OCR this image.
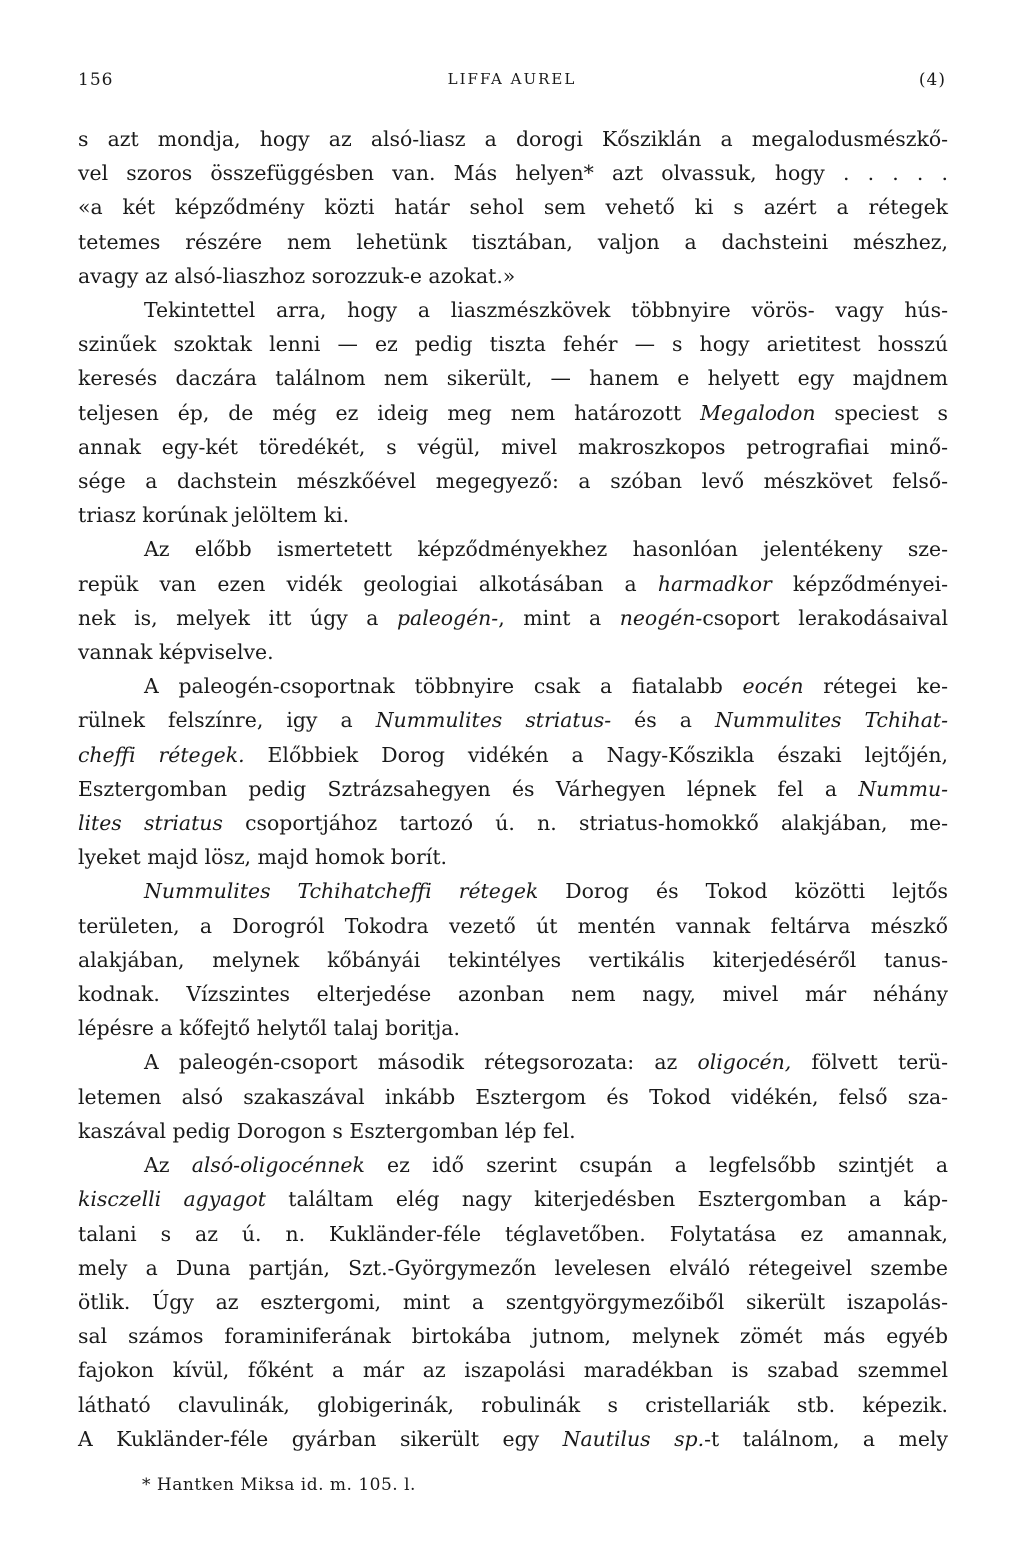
156	LIFFA AUREL	(4)
s azt mondja, hogy az alsó-liasz a dorogi Kősziklán a megalodusmészkő-
vel szoros összefüggésben van. Más helyen* azt olvassuk, hogy . . . . .
«a két képződmény közti határ sehol sem vehető ki s azért a rétegek
tetemes részére nem lehetünk tisztában, valjon a dachsteini mészhez,
avagy az alsó-liaszhoz sorozzuk-e azokat.»
Tekintettel arra, hogy a liaszmészkövek többnyire vörös- vagy hús-
szinűek szoktak lenni — ez pedig tiszta fehér — s hogy arietitest hosszú
keresés daczára találnom nem sikerült, — hanem e helyett egy majdnem
teljesen ép, de még ez ideig meg nem határozott Megalodon speciest s
annak egy-két töredékét, s végül, mivel makroszkopos petrografiai minő-
sége a dachstein mészkőével megegyező: a szóban levő mészkövet felső-
triasz korúnak jelöltem ki.
Az előbb ismertetett képződményekhez hasonlóan jelentékeny sze-
repük van ezen vidék geologiai alkotásában a harmadkor képződményei-
nek is, melyek itt úgy a paleogén-, mint a neogén-csoport lerakodásaival
vannak képviselve.
A paleogén-csoportnak többnyire csak a fiatalabb eocén rétegei ke-
rülnek felszínre, igy a Nummulites striatus- és a Nummulites Tchihat-
cheffi rétegek. Előbbiek Dorog vidékén a Nagy-Kőszikla északi lejtőjén,
Esztergomban pedig Sztrázsahegyen és Várhegyen lépnek fel a Nummu-
lites striatus csoportjához tartozó ú. n. striatus-homokkő alakjában, me-
lyeket majd lösz, majd homok borít.
Nummulites Tchihatcheffi rétegek Dorog és Tokod közötti lejtős
területen, a Dorogról Tokodra vezető út mentén vannak feltárva mészkő
alakjában, melynek kőbányái tekintélyes vertikális kiterjedéséről tanus-
kodnak. Vízszintes elterjedése azonban nem nagy, mivel már néhány
lépésre a kőfejtő helytől talaj boritja.
A paleogén-csoport második rétegsorozata: az oligocén, fölvett terü-
letemen alsó szakaszával inkább Esztergom és Tokod vidékén, felső sza-
kaszával pedig Dorogon s Esztergomban lép fel.
Az alsó-oligocénnek ez idő szerint csupán a legfelsőbb szintjét a
kisczelli agyagot találtam elég nagy kiterjedésben Esztergomban a káp-
talani s az ú. n. Kukländer-féle téglavetőben. Folytatása ez amannak,
mely a Duna partján, Szt.-Györgymezőn levelesen elváló rétegeivel szembe
ötlik. Úgy az esztergomi, mint a szentgyörgymezőiből sikerült iszapolás-
sal számos foraminiferának birtokába jutnom, melynek zömét más egyéb
fajokon kívül, főként a már az iszapolási maradékban is szabad szemmel
látható clavulinák, globigerinák, robulinák s cristellariák stb. képezik.
A Kukländer-féle gyárban sikerült egy Nautilus sp.-t találnom, a mely
* Hantken Miksa id. m. 105. l.
